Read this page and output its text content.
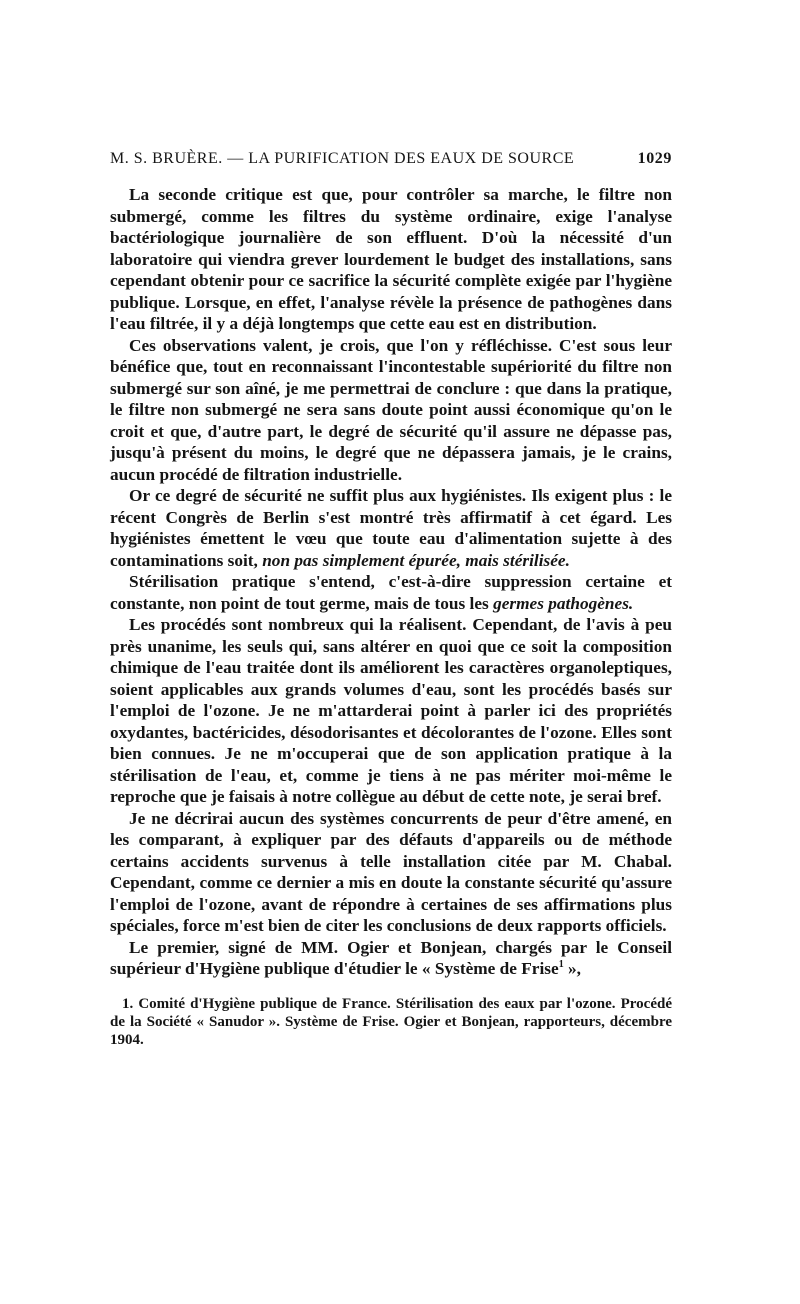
M. S. BRUÈRE. — LA PURIFICATION DES EAUX DE SOURCE	1029

La seconde critique est que, pour contrôler sa marche, le filtre non submergé, comme les filtres du système ordinaire, exige l'analyse bactériologique journalière de son effluent. D'où la nécessité d'un laboratoire qui viendra grever lourdement le budget des installations, sans cependant obtenir pour ce sacrifice la sécurité complète exigée par l'hygiène publique. Lorsque, en effet, l'analyse révèle la présence de pathogènes dans l'eau filtrée, il y a déjà longtemps que cette eau est en distribution.

Ces observations valent, je crois, que l'on y réfléchisse. C'est sous leur bénéfice que, tout en reconnaissant l'incontestable supériorité du filtre non submergé sur son aîné, je me permettrai de conclure : que dans la pratique, le filtre non submergé ne sera sans doute point aussi économique qu'on le croit et que, d'autre part, le degré de sécurité qu'il assure ne dépasse pas, jusqu'à présent du moins, le degré que ne dépassera jamais, je le crains, aucun procédé de filtration industrielle.

Or ce degré de sécurité ne suffit plus aux hygiénistes. Ils exigent plus : le récent Congrès de Berlin s'est montré très affirmatif à cet égard. Les hygiénistes émettent le vœu que toute eau d'alimentation sujette à des contaminations soit, non pas simplement épurée, mais stérilisée.

Stérilisation pratique s'entend, c'est-à-dire suppression certaine et constante, non point de tout germe, mais de tous les germes pathogènes.

Les procédés sont nombreux qui la réalisent. Cependant, de l'avis à peu près unanime, les seuls qui, sans altérer en quoi que ce soit la composition chimique de l'eau traitée dont ils améliorent les caractères organoleptiques, soient applicables aux grands volumes d'eau, sont les procédés basés sur l'emploi de l'ozone. Je ne m'attarderai point à parler ici des propriétés oxydantes, bactéricides, désodorisantes et décolorantes de l'ozone. Elles sont bien connues. Je ne m'occuperai que de son application pratique à la stérilisation de l'eau, et, comme je tiens à ne pas mériter moi-même le reproche que je faisais à notre collègue au début de cette note, je serai bref.

Je ne décrirai aucun des systèmes concurrents de peur d'être amené, en les comparant, à expliquer par des défauts d'appareils ou de méthode certains accidents survenus à telle installation citée par M. Chabal. Cependant, comme ce dernier a mis en doute la constante sécurité qu'assure l'emploi de l'ozone, avant de répondre à certaines de ses affirmations plus spéciales, force m'est bien de citer les conclusions de deux rapports officiels.

Le premier, signé de MM. Ogier et Bonjean, chargés par le Conseil supérieur d'Hygiène publique d'étudier le « Système de Frise$^1$ »,

1. Comité d'Hygiène publique de France. Stérilisation des eaux par l'ozone. Procédé de la Société « Sanudor ». Système de Frise. Ogier et Bonjean, rapporteurs, décembre 1904.
